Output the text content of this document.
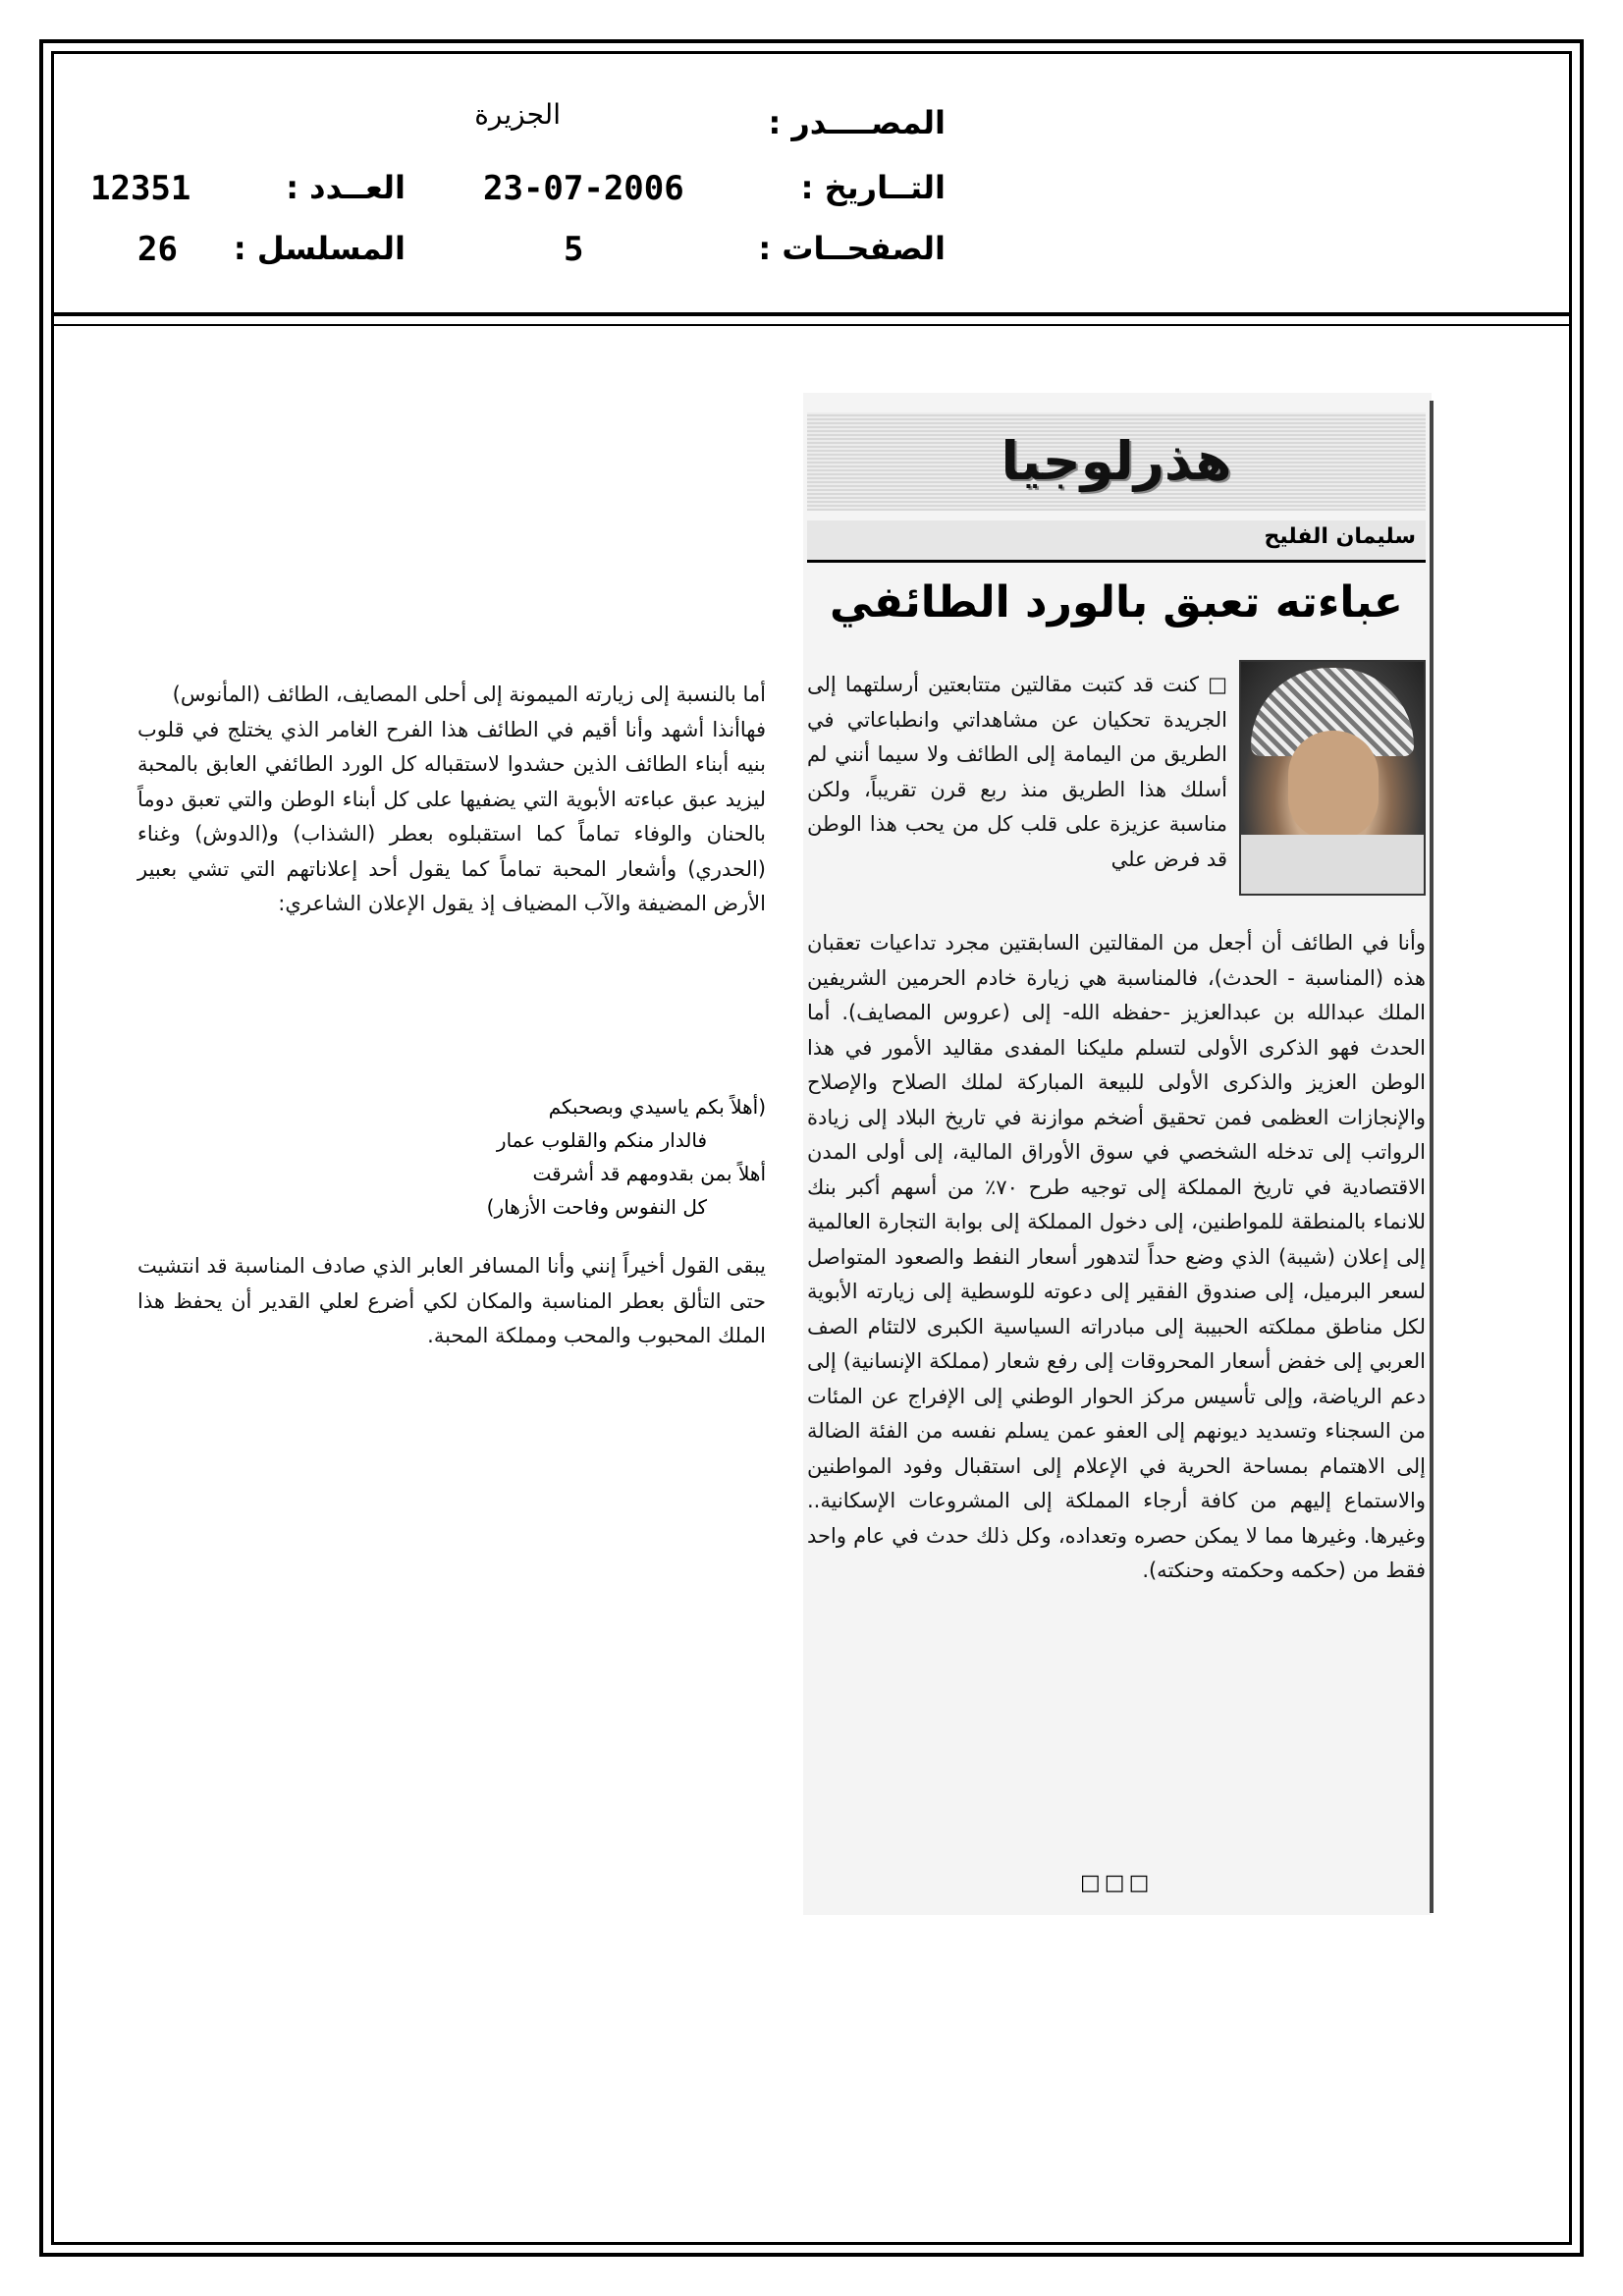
المصــــدر :
الجزيرة
التــاريخ :
23-07-2006
العــدد :
12351
الصفحــات :
5
المسلسل :
26
هذرلوجيا
سليمان الفليح
عباءته تعبق بالورد الطائفي

□ كنت قد كتبت مقالتين متتابعتين أرسلتهما إلى الجريدة تحكيان عن مشاهداتي وانطباعاتي في الطريق من اليمامة إلى الطائف ولا سيما أنني لم أسلك هذا الطريق منذ ربع قرن تقريباً، ولكن مناسبة عزيزة على قلب كل من يحب هذا الوطن قد فرض علي

وأنا في الطائف أن أجعل من المقالتين السابقتين مجرد تداعيات تعقبان هذه (المناسبة - الحدث)، فالمناسبة هي زيارة خادم الحرمين الشريفين الملك عبدالله بن عبدالعزيز -حفظه الله- إلى (عروس المصايف). أما الحدث فهو الذكرى الأولى لتسلم مليكنا المفدى مقاليد الأمور في هذا الوطن العزيز والذكرى الأولى للبيعة المباركة لملك الصلاح والإصلاح والإنجازات العظمى فمن تحقيق أضخم موازنة في تاريخ البلاد إلى زيادة الرواتب إلى تدخله الشخصي في سوق الأوراق المالية، إلى أولى المدن الاقتصادية في تاريخ المملكة إلى توجيه طرح ٧٠٪ من أسهم أكبر بنك للانماء بالمنطقة للمواطنين، إلى دخول المملكة إلى بوابة التجارة العالمية إلى إعلان (شيبة) الذي وضع حداً لتدهور أسعار النفط والصعود المتواصل لسعر البرميل، إلى صندوق الفقير إلى دعوته للوسطية إلى زيارته الأبوية لكل مناطق مملكته الحبيبة إلى مبادراته السياسية الكبرى لالتئام الصف العربي إلى خفض أسعار المحروقات إلى رفع شعار (مملكة الإنسانية) إلى دعم الرياضة، وإلى تأسيس مركز الحوار الوطني إلى الإفراج عن المئات من السجناء وتسديد ديونهم إلى العفو عمن يسلم نفسه من الفئة الضالة إلى الاهتمام بمساحة الحرية في الإعلام إلى استقبال وفود المواطنين والاستماع إليهم من كافة أرجاء المملكة إلى المشروعات الإسكانية.. وغيرها. وغيرها مما لا يمكن حصره وتعداده، وكل ذلك حدث في عام واحد فقط من (حكمه وحكمته وحنكته).

□□□

أما بالنسبة إلى زيارته الميمونة إلى أحلى المصايف، الطائف (المأنوس)

فهاأنذا أشهد وأنا أقيم في الطائف هذا الفرح الغامر الذي يختلج في قلوب بنيه أبناء الطائف الذين حشدوا لاستقباله كل الورد الطائفي العابق بالمحبة ليزيد عبق عباءته الأبوية التي يضفيها على كل أبناء الوطن والتي تعبق دوماً بالحنان والوفاء تماماً كما استقبلوه بعطر (الشذاب) و(الدوش) وغناء (الحدري) وأشعار المحبة تماماً كما يقول أحد إعلاناتهم التي تشي بعبير الأرض المضيفة والآب المضياف إذ يقول الإعلان الشاعري:

(أهلاً بكم ياسيدي وبصحبكم
فالدار منكم والقلوب عمار
أهلاً بمن بقدومهم قد أشرقت
كل النفوس وفاحت الأزهار)

يبقى القول أخيراً إنني وأنا المسافر العابر الذي صادف المناسبة قد انتشيت حتى التألق بعطر المناسبة والمكان لكي أضرع لعلي القدير أن يحفظ هذا الملك المحبوب والمحب ومملكة المحبة.
